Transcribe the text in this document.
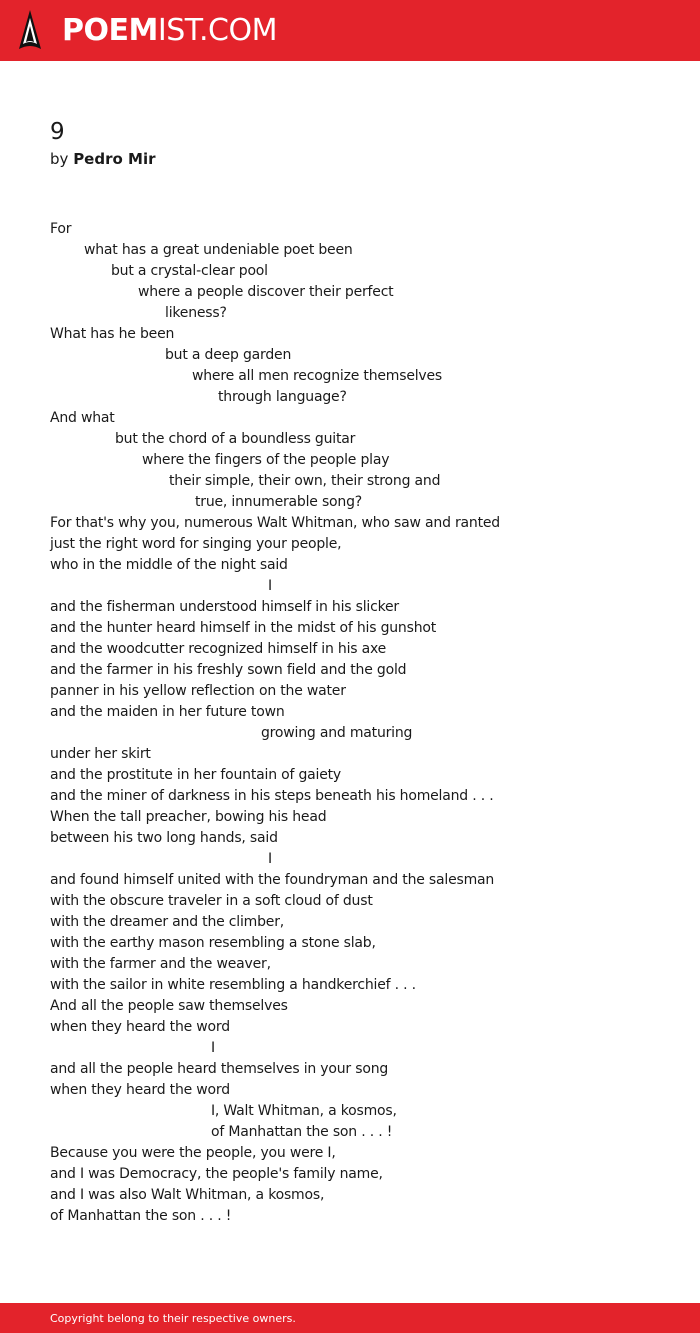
POEMIST.COM
9
by Pedro Mir
For
what has a great undeniable poet been
but a crystal-clear pool
where a people discover their perfect
likeness?
What has he been
but a deep garden
where all men recognize themselves
through language?
And what
but the chord of a boundless guitar
where the fingers of the people play
their simple, their own, their strong and
true, innumerable song?
For that's why you, numerous Walt Whitman, who saw and ranted
just the right word for singing your people,
who in the middle of the night said
I
and the fisherman understood himself in his slicker
and the hunter heard himself in the midst of his gunshot
and the woodcutter recognized himself in his axe
and the farmer in his freshly sown field and the gold
panner in his yellow reflection on the water
and the maiden in her future town
growing and maturing
under her skirt
and the prostitute in her fountain of gaiety
and the miner of darkness in his steps beneath his homeland . . .
When the tall preacher, bowing his head
between his two long hands, said
I
and found himself united with the foundryman and the salesman
with the obscure traveler in a soft cloud of dust
with the dreamer and the climber,
with the earthy mason resembling a stone slab,
with the farmer and the weaver,
with the sailor in white resembling a handkerchief . . .
And all the people saw themselves
when they heard the word
I
and all the people heard themselves in your song
when they heard the word
I, Walt Whitman, a kosmos,
of Manhattan the son . . . !
Because you were the people, you were I,
and I was Democracy, the people's family name,
and I was also Walt Whitman, a kosmos,
of Manhattan the son . . . !
Copyright belong to their respective owners.
